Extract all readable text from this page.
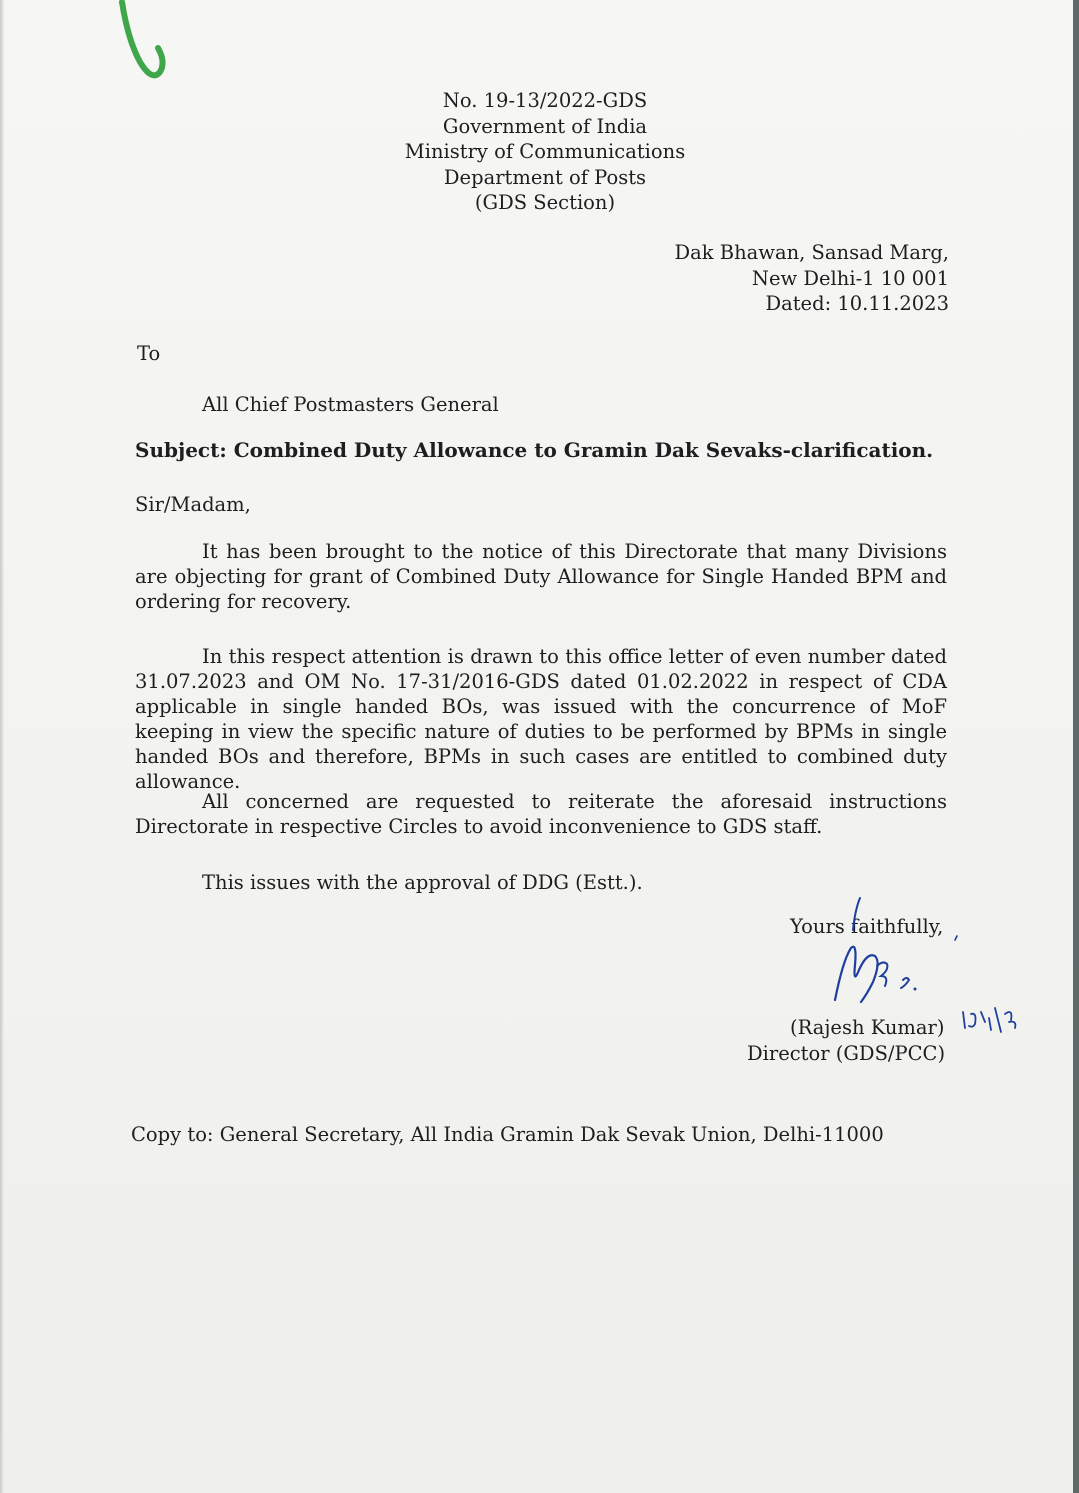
No. 19-13/2022-GDS
Government of India
Ministry of Communications
Department of Posts
(GDS Section)
Dak Bhawan, Sansad Marg,
New Delhi-1 10 001
Dated: 10.11.2023
To
All Chief Postmasters General
Subject: Combined Duty Allowance to Gramin Dak Sevaks-clarification.
Sir/Madam,

It has been brought to the notice of this Directorate that many Divisions are objecting for grant of Combined Duty Allowance for Single Handed BPM and ordering for recovery.

In this respect attention is drawn to this office letter of even number dated 31.07.2023 and OM No. 17-31/2016-GDS dated 01.02.2022 in respect of CDA applicable in single handed BOs, was issued with the concurrence of MoF keeping in view the specific nature of duties to be performed by BPMs in single handed BOs and therefore, BPMs in such cases are entitled to combined duty allowance.

All concerned are requested to reiterate the aforesaid instructions Directorate in respective Circles to avoid inconvenience to GDS staff.

This issues with the approval of DDG (Estt.).

Yours faithfully,
(Rajesh Kumar)
Director (GDS/PCC)
Copy to: General Secretary, All India Gramin Dak Sevak Union, Delhi-11000
